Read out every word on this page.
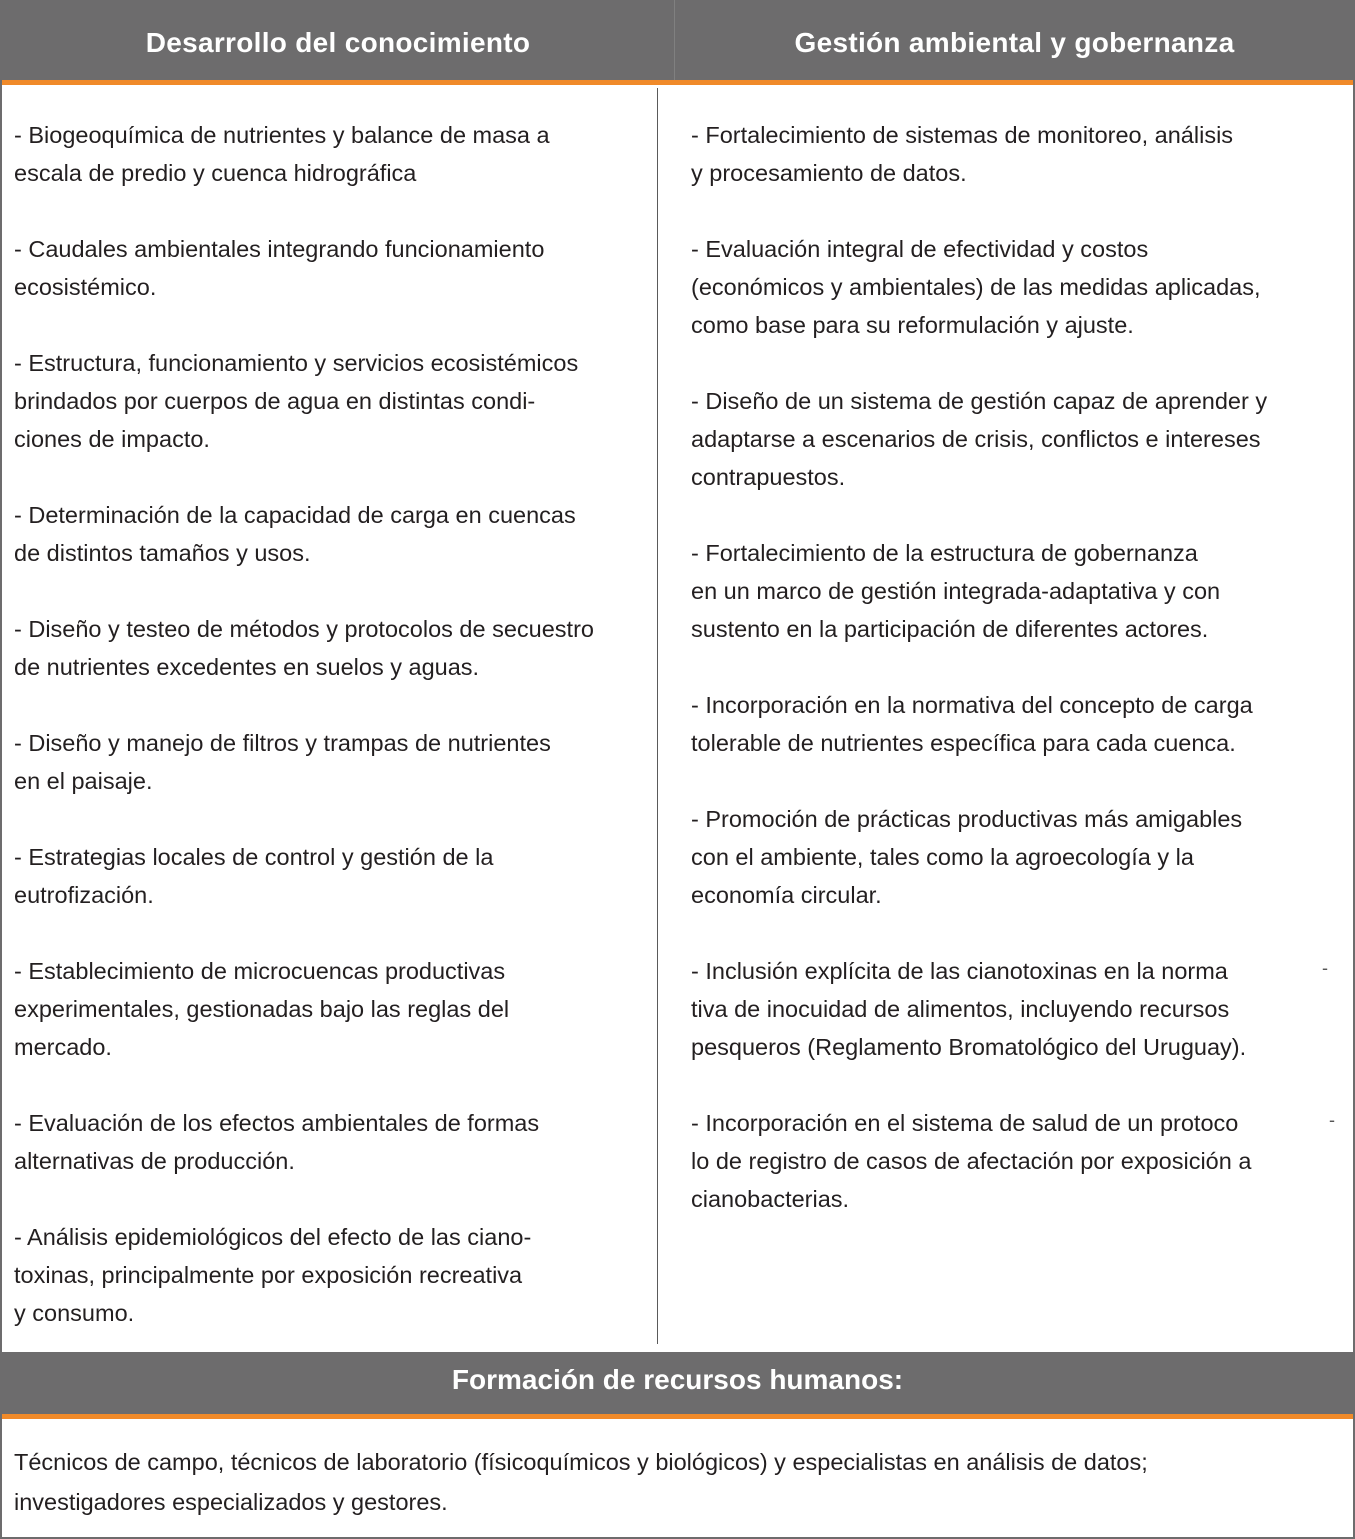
Desarrollo del conocimiento	Gestión ambiental y gobernanza
- Biogeoquímica de nutrientes y balance de masa a
escala de predio y cuenca hidrográfica
- Caudales ambientales integrando funcionamiento
ecosistémico.
- Estructura, funcionamiento y servicios ecosistémicos
brindados por cuerpos de agua en distintas condi-
ciones de impacto.
- Determinación de la capacidad de carga en cuencas
de distintos tamaños y usos.
- Diseño y testeo de métodos y protocolos de secuestro
de nutrientes excedentes en suelos y aguas.
- Diseño y manejo de filtros y trampas de nutrientes
en el paisaje.
- Estrategias locales de control y gestión de la
eutrofización.
- Establecimiento de microcuencas productivas
experimentales, gestionadas bajo las reglas del
mercado.
- Evaluación de los efectos ambientales de formas
alternativas de producción.
- Análisis epidemiológicos del efecto de las ciano-
toxinas, principalmente por exposición recreativa
y consumo.
- Fortalecimiento de sistemas de monitoreo, análisis
y procesamiento de datos.
- Evaluación integral de efectividad y costos
(económicos y ambientales) de las medidas aplicadas,
como base para su reformulación y ajuste.
- Diseño de un sistema de gestión capaz de aprender y
adaptarse a escenarios de crisis, conflictos e intereses
contrapuestos.
- Fortalecimiento de la estructura de gobernanza
en un marco de gestión integrada-adaptativa y con
sustento en la participación de diferentes actores.
- Incorporación en la normativa del concepto de carga
tolerable de nutrientes específica para cada cuenca.
- Promoción de prácticas productivas más amigables
con el ambiente, tales como la agroecología y la
economía circular.
- Inclusión explícita de las cianotoxinas en la norma
tiva de inocuidad de alimentos, incluyendo recursos
pesqueros (Reglamento Bromatológico del Uruguay).
- Incorporación en el sistema de salud de un protoco
lo de registro de casos de afectación por exposición a
cianobacterias.
-
-
Formación de recursos humanos:

Técnicos de campo, técnicos de laboratorio (físicoquímicos y biológicos) y especialistas en análisis de datos;
investigadores especializados y gestores.
